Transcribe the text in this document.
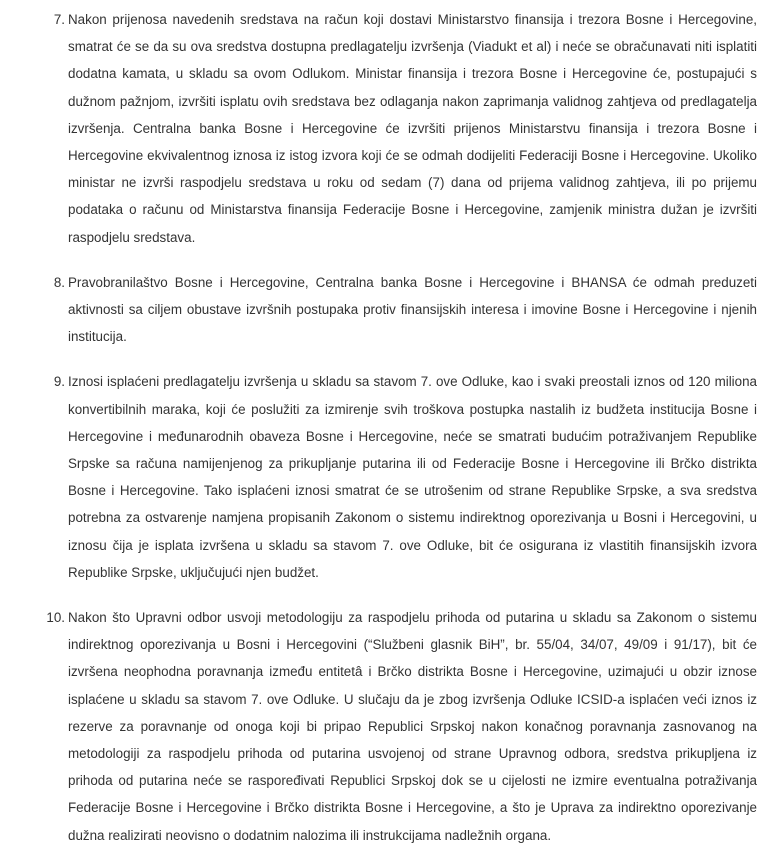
7. Nakon prijenosa navedenih sredstava na račun koji dostavi Ministarstvo finansija i trezora Bosne i Hercegovine, smatrat će se da su ova sredstva dostupna predlagatelju izvršenja (Viadukt et al) i neće se obračunavati niti isplatiti dodatna kamata, u skladu sa ovom Odlukom. Ministar finansija i trezora Bosne i Hercegovine će, postupajući s dužnom pažnjom, izvršiti isplatu ovih sredstava bez odlaganja nakon zaprimanja validnog zahtjeva od predlagatelja izvršenja. Centralna banka Bosne i Hercegovine će izvršiti prijenos Ministarstvu finansija i trezora Bosne i Hercegovine ekvivalentnog iznosa iz istog izvora koji će se odmah dodijeliti Federaciji Bosne i Hercegovine. Ukoliko ministar ne izvrši raspodjelu sredstava u roku od sedam (7) dana od prijema validnog zahtjeva, ili po prijemu podataka o računu od Ministarstva finansija Federacije Bosne i Hercegovine, zamjenik ministra dužan je izvršiti raspodjelu sredstava.
8. Pravobranilaštvo Bosne i Hercegovine, Centralna banka Bosne i Hercegovine i BHANSA će odmah preduzeti aktivnosti sa ciljem obustave izvršnih postupaka protiv finansijskih interesa i imovine Bosne i Hercegovine i njenih institucija.
9. Iznosi isplaćeni predlagatelju izvršenja u skladu sa stavom 7. ove Odluke, kao i svaki preostali iznos od 120 miliona konvertibilnih maraka, koji će poslužiti za izmirenje svih troškova postupka nastalih iz budžeta institucija Bosne i Hercegovine i međunarodnih obaveza Bosne i Hercegovine, neće se smatrati budućim potraživanjem Republike Srpske sa računa namijenjenog za prikupljanje putarina ili od Federacije Bosne i Hercegovine ili Brčko distrikta Bosne i Hercegovine. Tako isplaćeni iznosi smatrat će se utrošenim od strane Republike Srpske, a sva sredstva potrebna za ostvarenje namjena propisanih Zakonom o sistemu indirektnog oporezivanja u Bosni i Hercegovini, u iznosu čija je isplata izvršena u skladu sa stavom 7. ove Odluke, bit će osigurana iz vlastitih finansijskih izvora Republike Srpske, uključujući njen budžet.
10. Nakon što Upravni odbor usvoji metodologiju za raspodjelu prihoda od putarina u skladu sa Zakonom o sistemu indirektnog oporezivanja u Bosni i Hercegovini (“Službeni glasnik BiH”, br. 55/04, 34/07, 49/09 i 91/17), bit će izvršena neophodna poravnanja između entitetâ i Brčko distrikta Bosne i Hercegovine, uzimajući u obzir iznose isplaćene u skladu sa stavom 7. ove Odluke. U slučaju da je zbog izvršenja Odluke ICSID-a isplaćen veći iznos iz rezerve za poravnanje od onoga koji bi pripao Republici Srpskoj nakon konačnog poravnanja zasnovanog na metodologiji za raspodjelu prihoda od putarina usvojenoj od strane Upravnog odbora, sredstva prikupljena iz prihoda od putarina neće se raspoređivati Republici Srpskoj dok se u cijelosti ne izmire eventualna potraživanja Federacije Bosne i Hercegovine i Brčko distrikta Bosne i Hercegovine, a što je Uprava za indirektno oporezivanje dužna realizirati neovisno o dodatnim nalozima ili instrukcijama nadležnih organa.
